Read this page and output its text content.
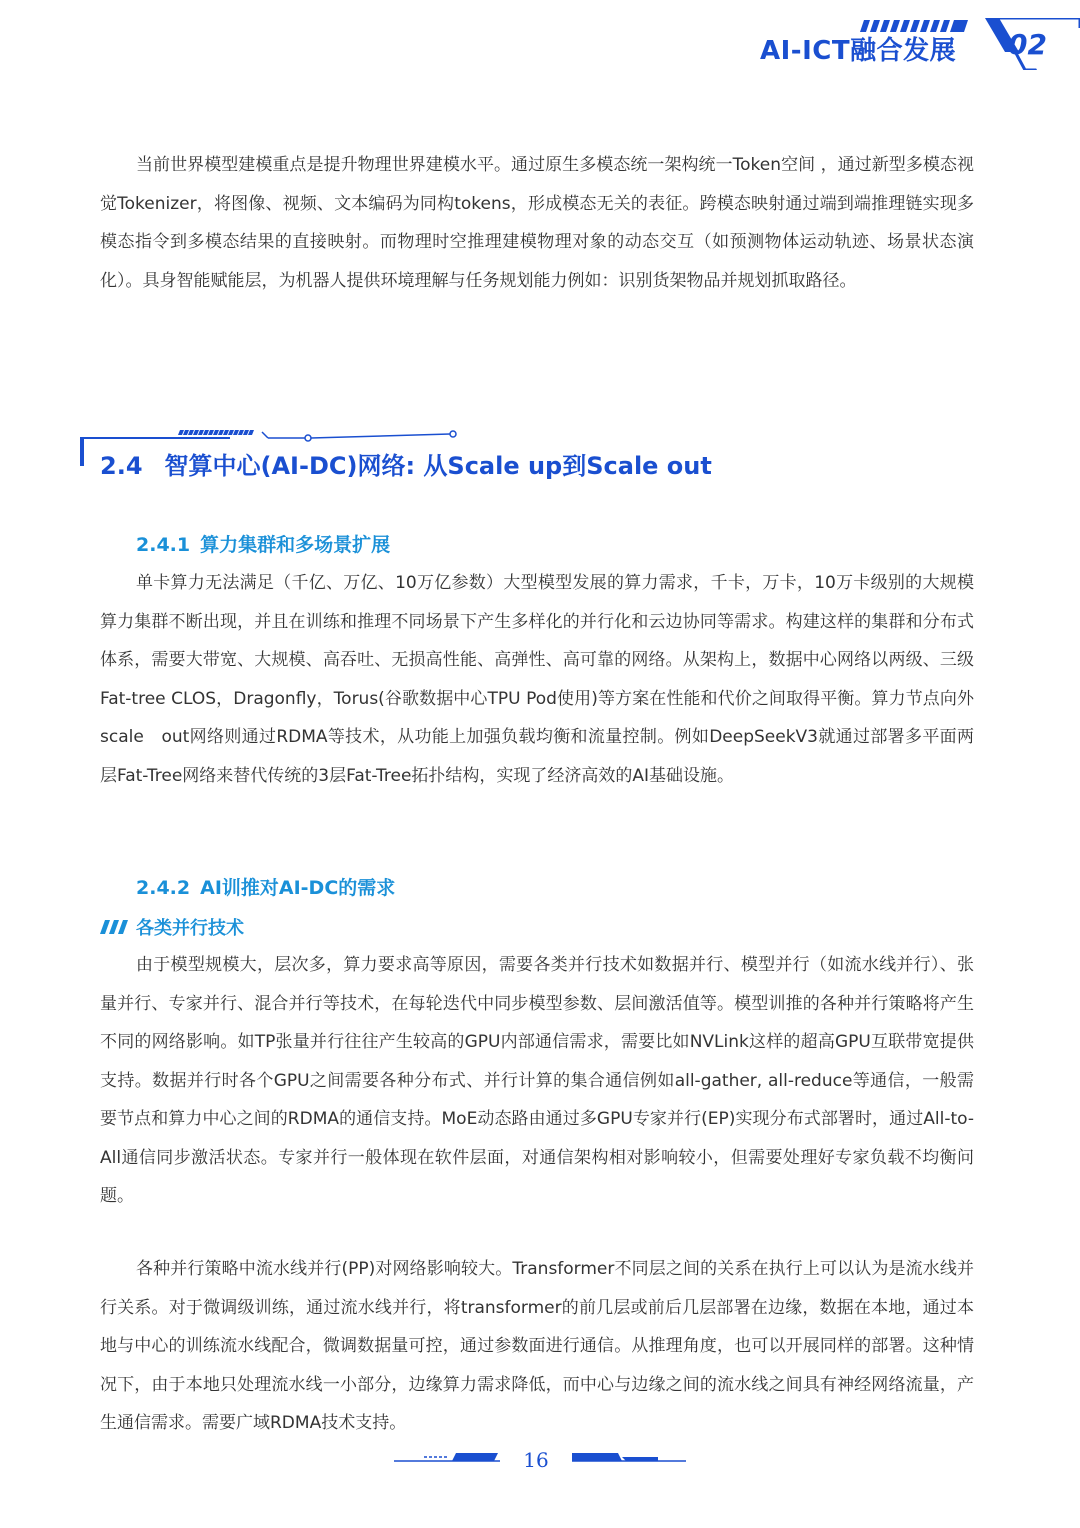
AI-ICT融合发展 02

当前世界模型建模重点是提升物理世界建模水平。通过原生多模态统一架构统一Token空间 ，通过新型多模态视觉Tokenizer，将图像、视频、文本编码为同构tokens，形成模态无关的表征。跨模态映射通过端到端推理链实现多模态指令到多模态结果的直接映射。而物理时空推理建模物理对象的动态交互（如预测物体运动轨迹、场景状态演化）。具身智能赋能层，为机器人提供环境理解与任务规划能力例如：识别货架物品并规划抓取路径。

2.4 智算中心(AI-DC)网络: 从Scale up到Scale out
2.4.1 算力集群和多场景扩展

单卡算力无法满足（千亿、万亿、10万亿参数）大型模型发展的算力需求，千卡，万卡，10万卡级别的大规模算力集群不断出现，并且在训练和推理不同场景下产生多样化的并行化和云边协同等需求。构建这样的集群和分布式体系，需要大带宽、大规模、高吞吐、无损高性能、高弹性、高可靠的网络。从架构上，数据中心网络以两级、三级Fat-tree CLOS，Dragonfly，Torus(谷歌数据中心TPU Pod使用)等方案在性能和代价之间取得平衡。算力节点向外scale　out网络则通过RDMA等技术，从功能上加强负载均衡和流量控制。例如DeepSeekV3就通过部署多平面两层Fat-Tree网络来替代传统的3层Fat-Tree拓扑结构，实现了经济高效的AI基础设施。

2.4.2 AI训推对AI-DC的需求
各类并行技术

由于模型规模大，层次多，算力要求高等原因，需要各类并行技术如数据并行、模型并行（如流水线并行）、张量并行、专家并行、混合并行等技术，在每轮迭代中同步模型参数、层间激活值等。模型训推的各种并行策略将产生不同的网络影响。如TP张量并行往往产生较高的GPU内部通信需求，需要比如NVLink这样的超高GPU互联带宽提供支持。数据并行时各个GPU之间需要各种分布式、并行计算的集合通信例如all-gather, all-reduce等通信，一般需要节点和算力中心之间的RDMA的通信支持。MoE动态路由通过多GPU专家并行(EP)实现分布式部署时，通过All-to-All通信同步激活状态。专家并行一般体现在软件层面，对通信架构相对影响较小，但需要处理好专家负载不均衡问题。

各种并行策略中流水线并行(PP)对网络影响较大。Transformer不同层之间的关系在执行上可以认为是流水线并行关系。对于微调级训练，通过流水线并行，将transformer的前几层或前后几层部署在边缘，数据在本地，通过本地与中心的训练流水线配合，微调数据量可控，通过参数面进行通信。从推理角度，也可以开展同样的部署。这种情况下，由于本地只处理流水线一小部分，边缘算力需求降低，而中心与边缘之间的流水线之间具有神经网络流量，产生通信需求。需要广域RDMA技术支持。

16
